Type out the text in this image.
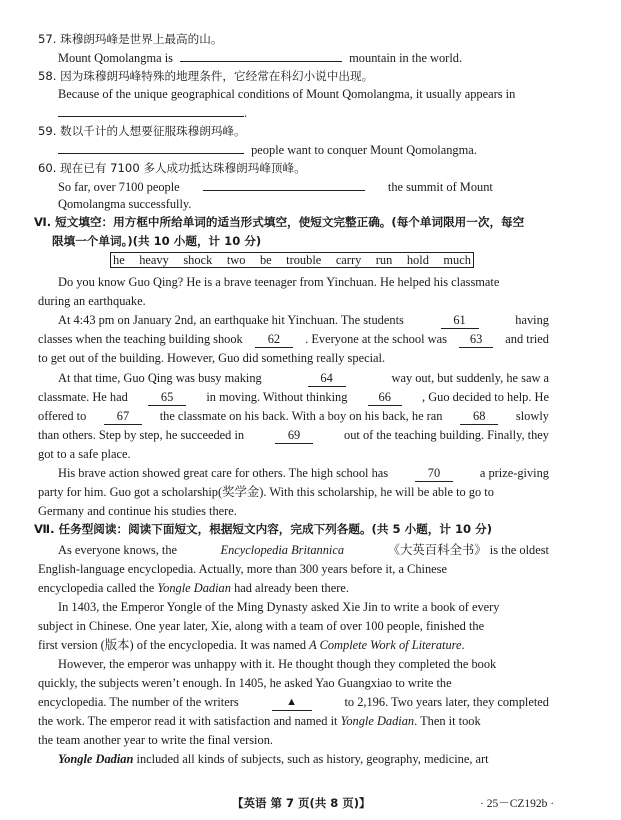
57. 珠穆朗玛峰是世界上最高的山。
Mount Qomolangma is	mountain in the world.
58. 因为珠穆朗玛峰特殊的地理条件，它经常在科幻小说中出现。
Because of the unique geographical conditions of Mount Qomolangma, it usually appears in
.
59. 数以千计的人想要征服珠穆朗玛峰。
people want to conquer Mount Qomolangma.
60. 现在已有 7100 多人成功抵达珠穆朗玛峰顶峰。
So far, over 7100 people	the summit of Mount
Qomolangma successfully.
Ⅵ. 短文填空：用方框中所给单词的适当形式填空，使短文完整正确。(每个单词限用一次，每空
限填一个单词。)(共 10 小题，计 10 分)
he heavy shock two be trouble carry run hold much
Do you know Guo Qing? He is a brave teenager from Yinchuan. He helped his classmate
during an earthquake.
At 4:43 pm on January 2nd, an earthquake hit Yinchuan. The students	61	having
classes when the teaching building shook	62	. Everyone at the school was	63	and tried
to get out of the building. However, Guo did something really special.
At that time, Guo Qing was busy making	64	way out, but suddenly, he saw a
classmate. He had	65	in moving. Without thinking	66	, Guo decided to help. He
offered to	67	the classmate on his back. With a boy on his back, he ran	68	slowly
than others. Step by step, he succeeded in	69	out of the teaching building. Finally, they
got to a safe place.
His brave action showed great care for others. The high school has	70	a prize-giving
party for him. Guo got a scholarship(奖学金). With this scholarship, he will be able to go to
Germany and continue his studies there.
Ⅶ. 任务型阅读：阅读下面短文，根据短文内容，完成下列各题。(共 5 小题，计 10 分)
As everyone knows, the	Encyclopedia Britannica	《大英百科全书》 is the oldest
English-language encyclopedia. Actually, more than 300 years before it, a Chinese
encyclopedia called the Yongle Dadian had already been there.
In 1403, the Emperor Yongle of the Ming Dynasty asked Xie Jin to write a book of every
subject in Chinese. One year later, Xie, along with a team of over 100 people, finished the
first version (版本) of the encyclopedia. It was named A Complete Work of Literature.
However, the emperor was unhappy with it. He thought though they completed the book
quickly, the subjects weren’t enough. In 1405, he asked Yao Guangxiao to write the
encyclopedia. The number of the writers	▲	to 2,196. Two years later, they completed
the work. The emperor read it with satisfaction and named it Yongle Dadian. Then it took
the team another year to write the final version.
Yongle Dadian included all kinds of subjects, such as history, geography, medicine, art
【英语 第 7 页(共 8 页)】	· 25－CZ192b ·
